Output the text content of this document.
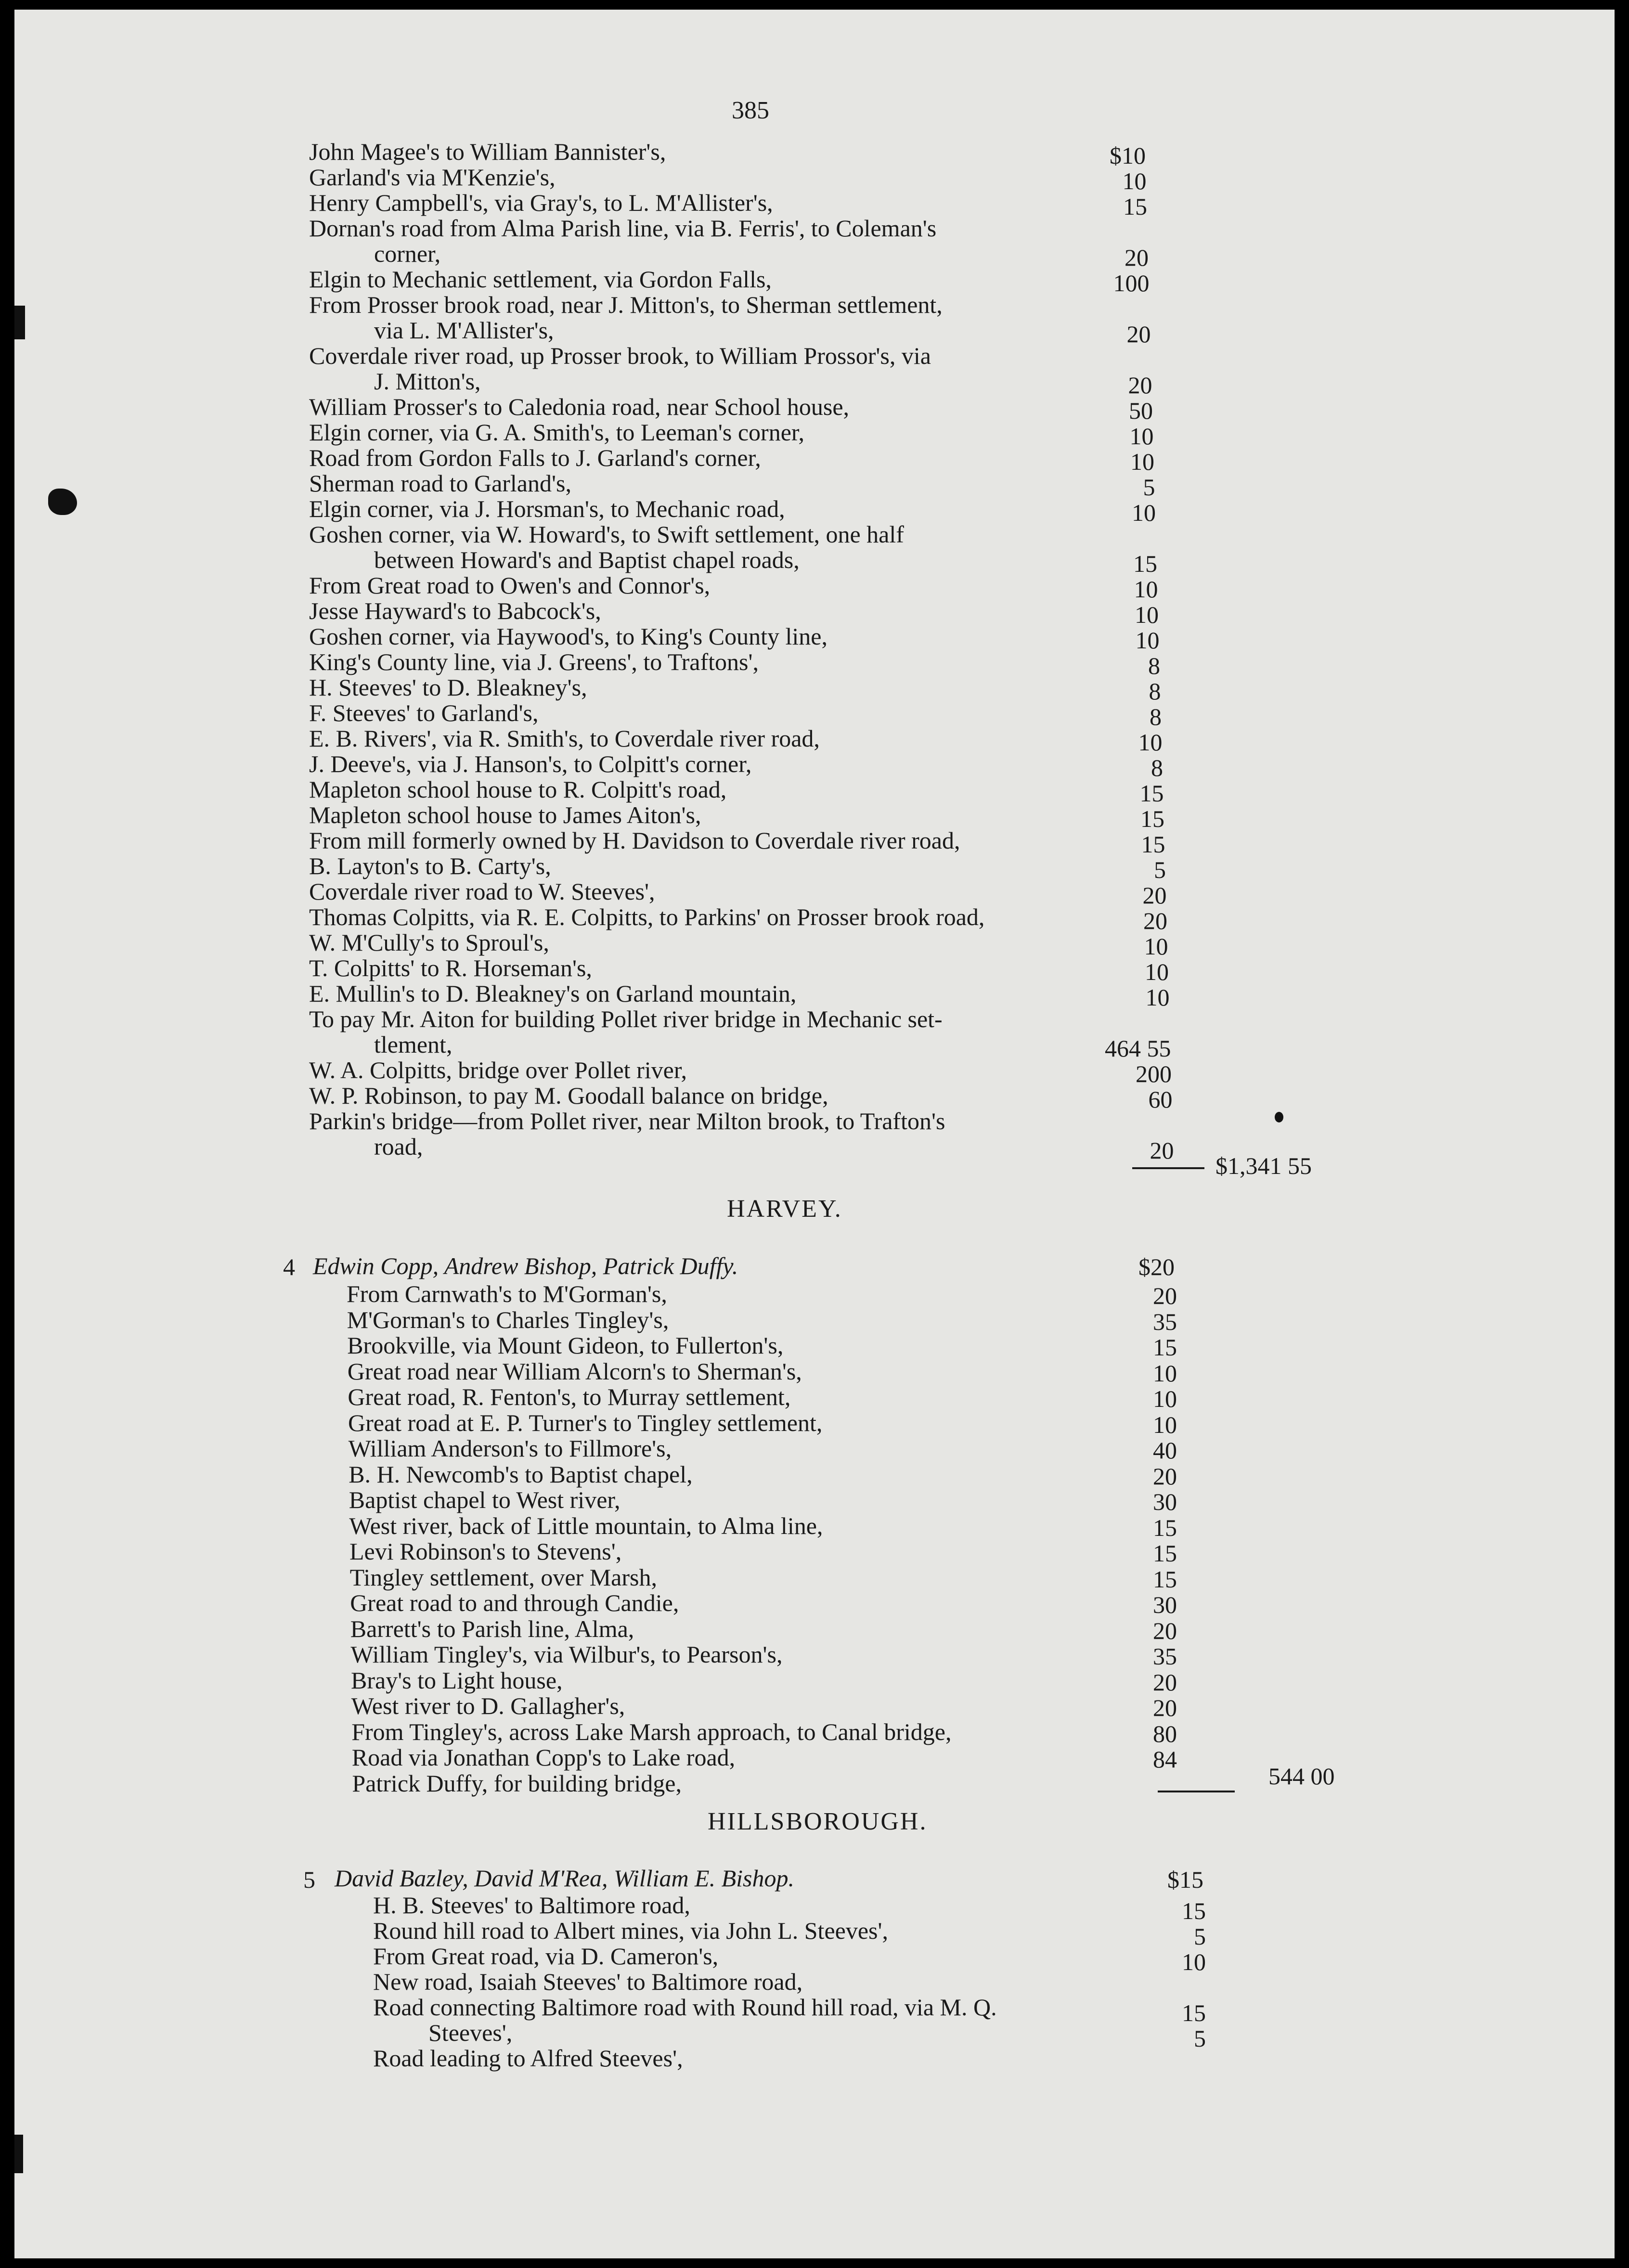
385
John Magee's to William Bannister's,	$10
Garland's via M'Kenzie's,	10
Henry Campbell's, via Gray's, to L. M'Allister's,	15
Dornan's road from Alma Parish line, via B. Ferris', to Coleman's
corner,	20
Elgin to Mechanic settlement, via Gordon Falls,	100
From Prosser brook road, near J. Mitton's, to Sherman settlement,
via L. M'Allister's,	20
Coverdale river road, up Prosser brook, to William Prossor's, via
J. Mitton's,	20
William Prosser's to Caledonia road, near School house,	50
Elgin corner, via G. A. Smith's, to Leeman's corner,	10
Road from Gordon Falls to J. Garland's corner,	10
Sherman road to Garland's,	5
Elgin corner, via J. Horsman's, to Mechanic road,	10
Goshen corner, via W. Howard's, to Swift settlement, one half
between Howard's and Baptist chapel roads,	15
From Great road to Owen's and Connor's,	10
Jesse Hayward's to Babcock's,	10
Goshen corner, via Haywood's, to King's County line,	10
King's County line, via J. Greens', to Traftons',	8
H. Steeves' to D. Bleakney's,	8
F. Steeves' to Garland's,	8
E. B. Rivers', via R. Smith's, to Coverdale river road,	10
J. Deeve's, via J. Hanson's, to Colpitt's corner,	8
Mapleton school house to R. Colpitt's road,	15
Mapleton school house to James Aiton's,	15
From mill formerly owned by H. Davidson to Coverdale river road,	15
B. Layton's to B. Carty's,	5
Coverdale river road to W. Steeves',	20
Thomas Colpitts, via R. E. Colpitts, to Parkins' on Prosser brook road,	20
W. M'Cully's to Sproul's,	10
T. Colpitts' to R. Horseman's,	10
E. Mullin's to D. Bleakney's on Garland mountain,	10
To pay Mr. Aiton for building Pollet river bridge in Mechanic set-
tlement,	464 55
W. A. Colpitts, bridge over Pollet river,	200
W. P. Robinson, to pay M. Goodall balance on bridge,	60
Parkin's bridge—from Pollet river, near Milton brook, to Trafton's
road,	20
$1,341 55
HARVEY.
4 Edwin Copp, Andrew Bishop, Patrick Duffy.	$20
From Carnwath's to M'Gorman's,	20
M'Gorman's to Charles Tingley's,	35
Brookville, via Mount Gideon, to Fullerton's,	15
Great road near William Alcorn's to Sherman's,	10
Great road, R. Fenton's, to Murray settlement,	10
Great road at E. P. Turner's to Tingley settlement,	10
William Anderson's to Fillmore's,	40
B. H. Newcomb's to Baptist chapel,	20
Baptist chapel to West river,	30
West river, back of Little mountain, to Alma line,	15
Levi Robinson's to Stevens',	15
Tingley settlement, over Marsh,	15
Great road to and through Candie,	30
Barrett's to Parish line, Alma,	20
William Tingley's, via Wilbur's, to Pearson's,	35
Bray's to Light house,	20
West river to D. Gallagher's,	20
From Tingley's, across Lake Marsh approach, to Canal bridge,	80
Road via Jonathan Copp's to Lake road,	84
Patrick Duffy, for building bridge,	544 00
HILLSBOROUGH.
5 David Bazley, David M'Rea, William E. Bishop.	$15
H. B. Steeves' to Baltimore road,	15
Round hill road to Albert mines, via John L. Steeves',	5
From Great road, via D. Cameron's,	10
New road, Isaiah Steeves' to Baltimore road,
Road connecting Baltimore road with Round hill road, via M. Q.	15
Steeves',	5
Road leading to Alfred Steeves',
